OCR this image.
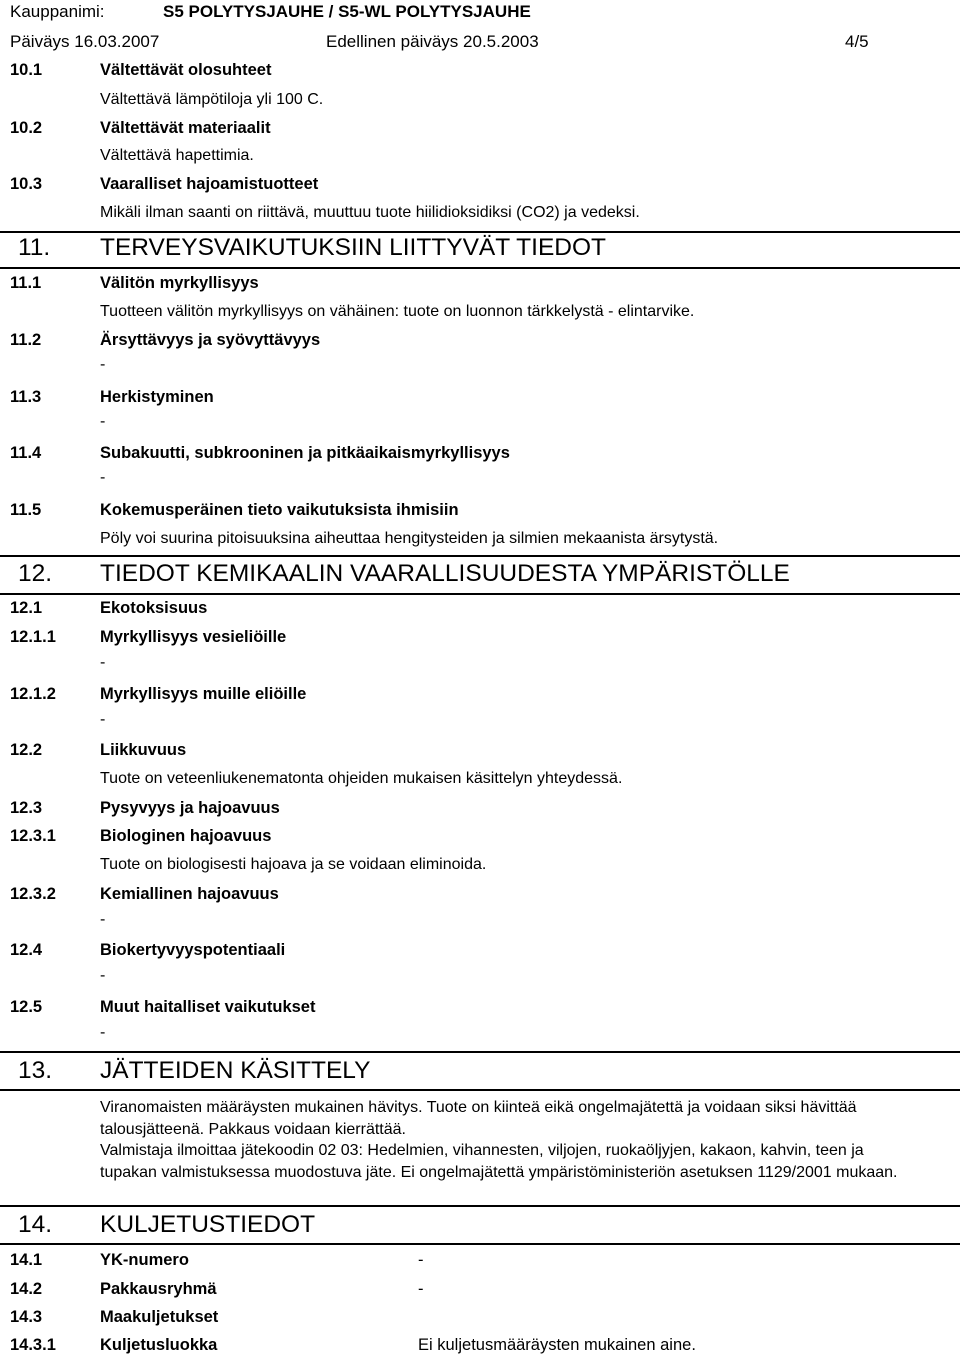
Kauppanimi:	S5 POLYTYSJAUHE / S5-WL POLYTYSJAUHE
Päiväys 16.03.2007	Edellinen päiväys 20.5.2003	4/5
10.1	Vältettävät olosuhteet
Vältettävä lämpötiloja yli 100 C.
10.2	Vältettävät materiaalit
Vältettävä hapettimia.
10.3	Vaaralliset hajoamistuotteet
Mikäli ilman saanti on riittävä, muuttuu tuote hiilidioksidiksi (CO2) ja vedeksi.
11. TERVEYSVAIKUTUKSIIN LIITTYVÄT TIEDOT
11.1	Välitön myrkyllisyys
Tuotteen välitön myrkyllisyys on vähäinen: tuote on luonnon tärkkelystä - elintarvike.
11.2	Ärsyttävyys ja syövyttävyys
-
11.3	Herkistyminen
-
11.4	Subakuutti, subkrooninen ja pitkäaikaismyrkyllisyys
-
11.5	Kokemusperäinen tieto vaikutuksista ihmisiin
Pöly voi suurina pitoisuuksina aiheuttaa hengitysteiden ja silmien mekaanista ärsytystä.
12. TIEDOT KEMIKAALIN VAARALLISUUDESTA YMPÄRISTÖLLE
12.1	Ekotoksisuus
12.1.1	Myrkyllisyys vesieliöille
-
12.1.2	Myrkyllisyys muille eliöille
-
12.2	Liikkuvuus
Tuote on veteenliukenematonta ohjeiden mukaisen käsittelyn yhteydessä.
12.3	Pysyvyys ja hajoavuus
12.3.1	Biologinen hajoavuus
Tuote on biologisesti hajoava ja se voidaan eliminoida.
12.3.2	Kemiallinen hajoavuus
-
12.4	Biokertyvyyspotentiaali
-
12.5	Muut haitalliset vaikutukset
-
13. JÄTTEIDEN KÄSITTELY
Viranomaisten määräysten mukainen hävitys. Tuote on kiinteä eikä ongelmajätettä ja voidaan siksi hävittää talousjätteenä. Pakkaus voidaan kierrättää.
Valmistaja ilmoittaa jätekoodin 02 03: Hedelmien, vihannesten, viljojen, ruokaöljyjen, kakaon, kahvin, teen ja tupakan valmistuksessa muodostuva jäte. Ei ongelmajätettä ympäristöministeriön asetuksen 1129/2001 mukaan.
14. KULJETUSTIEDOT
14.1	YK-numero	-
14.2	Pakkausryhmä	-
14.3	Maakuljetukset
14.3.1	Kuljetusluokka	Ei kuljetusmääräysten mukainen aine.
